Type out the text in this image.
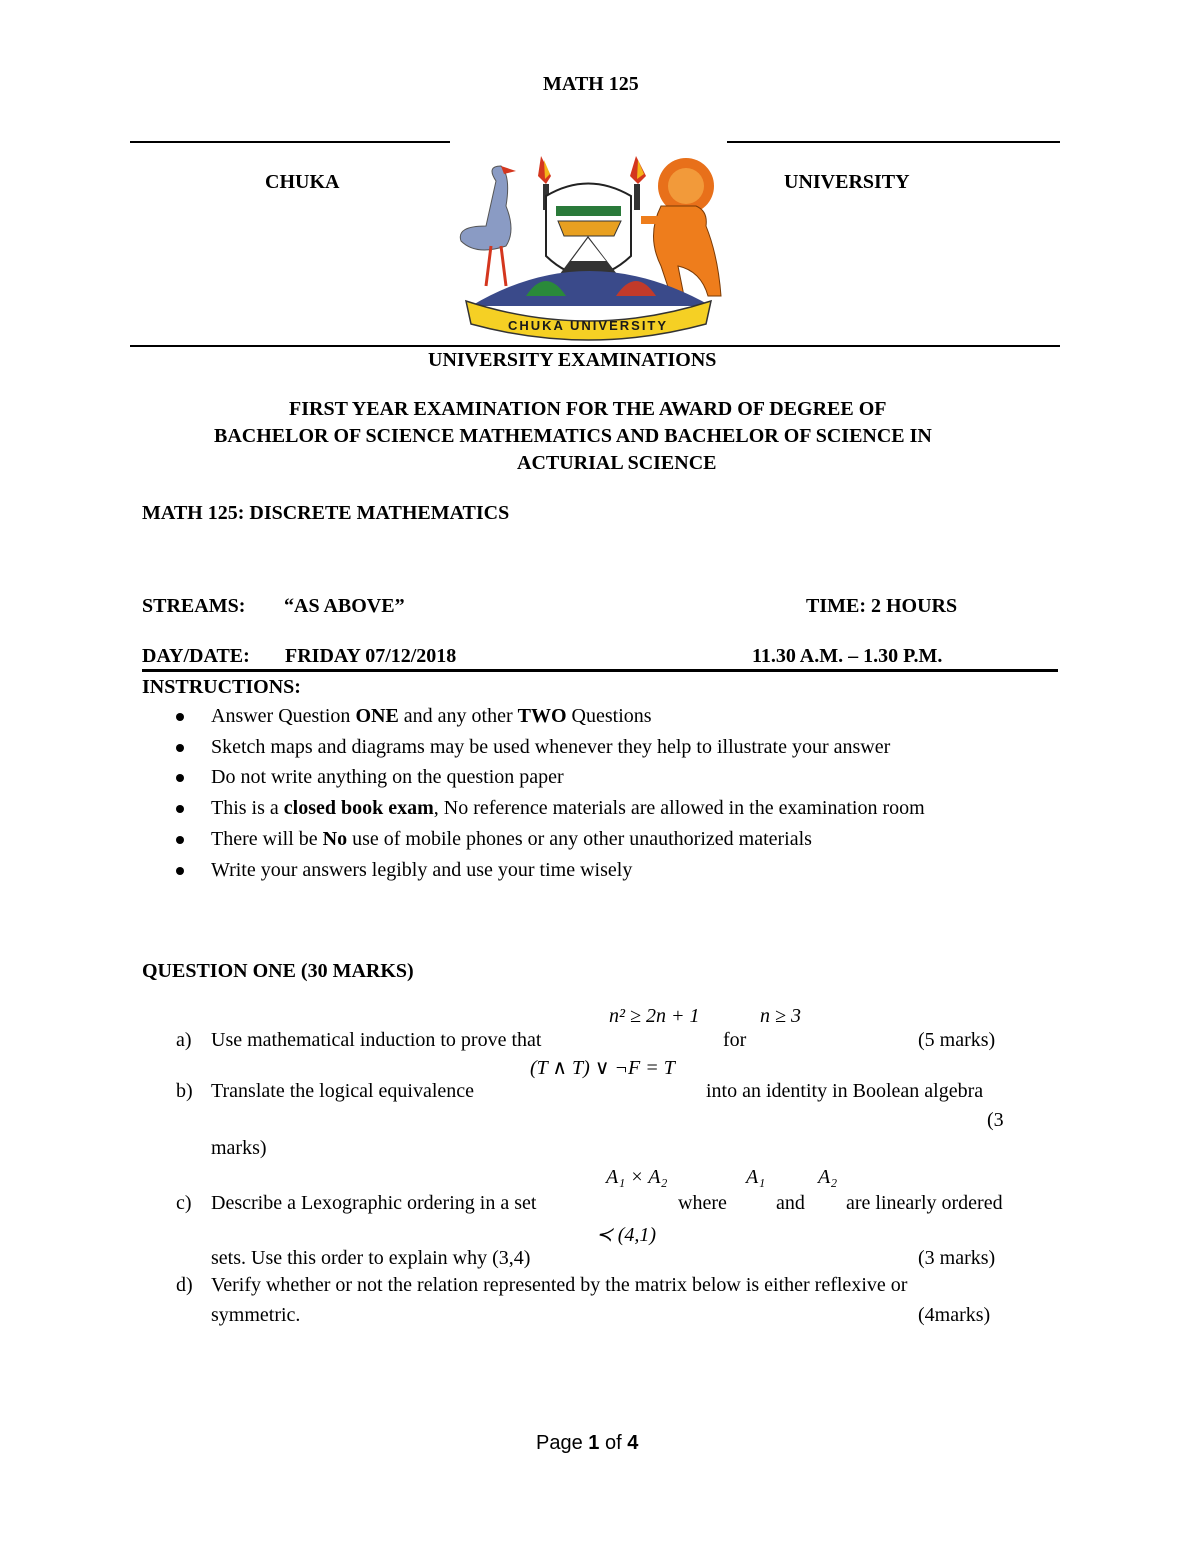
MATH 125
CHUKA	UNIVERSITY
CHUKA UNIVERSITY
UNIVERSITY EXAMINATIONS
FIRST YEAR EXAMINATION FOR THE AWARD OF DEGREE OF
BACHELOR OF SCIENCE MATHEMATICS AND BACHELOR OF SCIENCE IN
ACTURIAL SCIENCE
MATH 125: DISCRETE MATHEMATICS
STREAMS: “AS ABOVE”	TIME: 2 HOURS
DAY/DATE: FRIDAY 07/12/2018	11.30 A.M. – 1.30 P.M.
INSTRUCTIONS:
Answer Question ONE and any other TWO Questions
Sketch maps and diagrams may be used whenever they help to illustrate your answer
Do not write anything on the question paper
This is a closed book exam, No reference materials are allowed in the examination room
There will be No use of mobile phones or any other unauthorized materials
Write your answers legibly and use your time wisely
QUESTION ONE (30 MARKS)
n² ≥ 2n + 1	n ≥ 3
a) Use mathematical induction to prove that	for	(5 marks)
(T ∧ T) ∨ ¬F = T
b) Translate the logical equivalence	into an identity in Boolean algebra
(3
marks)
A₁ × A₂	A₁	A₂
c) Describe a Lexographic ordering in a set	where and are linearly ordered
≺ (4,1)
sets. Use this order to explain why (3,4)	(3 marks)
d) Verify whether or not the relation represented by the matrix below is either reflexive or
symmetric.	(4marks)
Page 1 of 4
